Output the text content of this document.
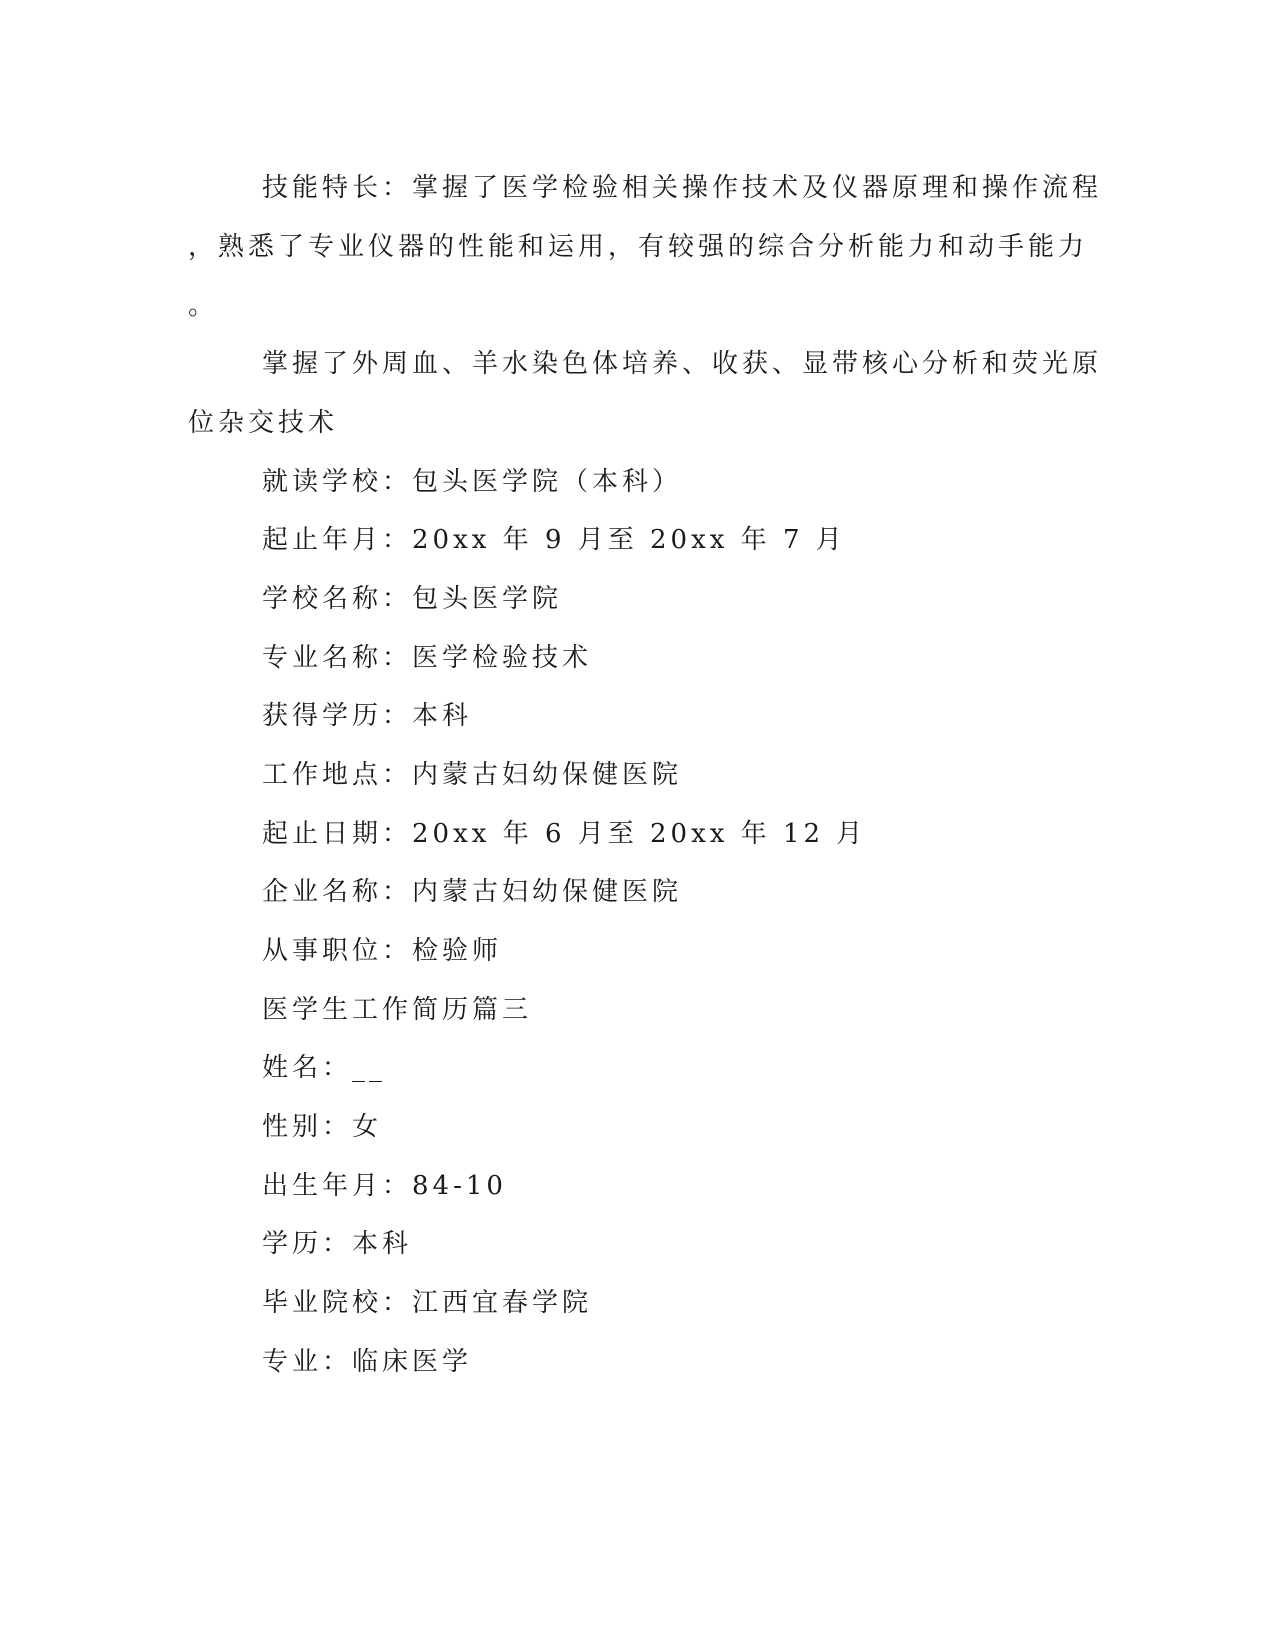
技能特长：掌握了医学检验相关操作技术及仪器原理和操作流程
，熟悉了专业仪器的性能和运用，有较强的综合分析能力和动手能力
。
掌握了外周血、羊水染色体培养、收获、显带核心分析和荧光原
位杂交技术
就读学校：包头医学院（本科）
起止年月：20xx 年 9 月至 20xx 年 7 月
学校名称：包头医学院
专业名称：医学检验技术
获得学历：本科
工作地点：内蒙古妇幼保健医院
起止日期：20xx 年 6 月至 20xx 年 12 月
企业名称：内蒙古妇幼保健医院
从事职位：检验师
医学生工作简历篇三
姓名：__
性别：女
出生年月：84-10
学历：本科
毕业院校：江西宜春学院
专业：临床医学
